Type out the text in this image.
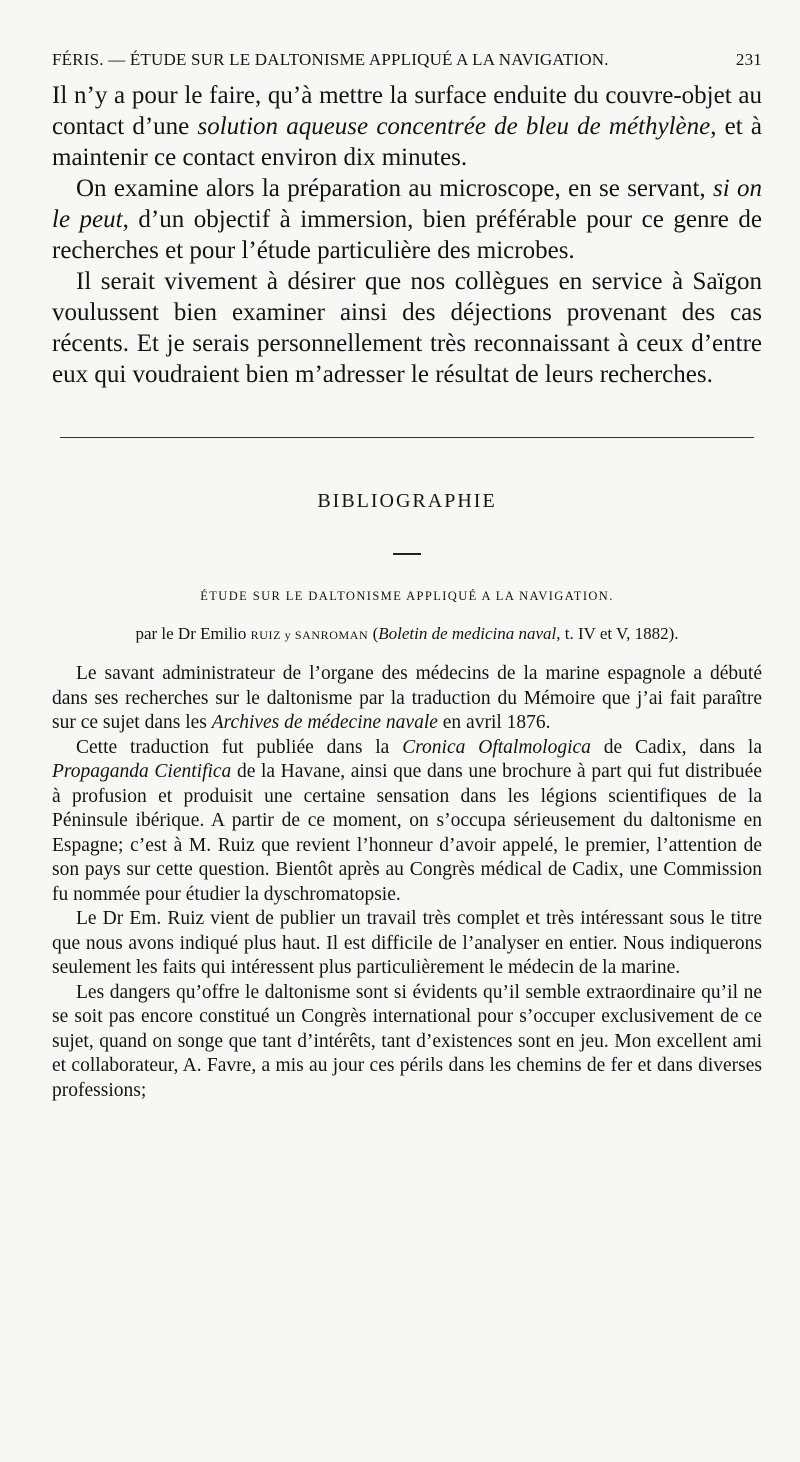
FÉRIS. — ÉTUDE SUR LE DALTONISME APPLIQUÉ A LA NAVIGATION.	231

Il n’y a pour le faire, qu’à mettre la surface enduite du couvre-objet au contact d’une solution aqueuse concentrée de bleu de méthylène, et à maintenir ce contact environ dix minutes.

On examine alors la préparation au microscope, en se servant, si on le peut, d’un objectif à immersion, bien préférable pour ce genre de recherches et pour l’étude particulière des microbes.

Il serait vivement à désirer que nos collègues en service à Saïgon voulussent bien examiner ainsi des déjections provenant des cas récents. Et je serais personnellement très reconnaissant à ceux d’entre eux qui voudraient bien m’adresser le résultat de leurs recherches.

BIBLIOGRAPHIE
ÉTUDE SUR LE DALTONISME APPLIQUÉ A LA NAVIGATION.
par le Dr Emilio RUIZ y SANROMAN (Boletin de medicina naval, t. IV et V, 1882).

Le savant administrateur de l’organe des médecins de la marine espagnole a débuté dans ses recherches sur le daltonisme par la traduction du Mémoire que j’ai fait paraître sur ce sujet dans les Archives de médecine navale en avril 1876.

Cette traduction fut publiée dans la Cronica Oftalmologica de Cadix, dans la Propaganda Cientifica de la Havane, ainsi que dans une brochure à part qui fut distribuée à profusion et produisit une certaine sensation dans les légions scientifiques de la Péninsule ibérique. A partir de ce moment, on s’occupa sérieusement du daltonisme en Espagne; c’est à M. Ruiz que revient l’honneur d’avoir appelé, le premier, l’attention de son pays sur cette question. Bientôt après au Congrès médical de Cadix, une Commission fu nommée pour étudier la dyschromatopsie.

Le Dr Em. Ruiz vient de publier un travail très complet et très intéressant sous le titre que nous avons indiqué plus haut. Il est difficile de l’analyser en entier. Nous indiquerons seulement les faits qui intéressent plus particulièrement le médecin de la marine.

Les dangers qu’offre le daltonisme sont si évidents qu’il semble extraordinaire qu’il ne se soit pas encore constitué un Congrès international pour s’occuper exclusivement de ce sujet, quand on songe que tant d’intérêts, tant d’existences sont en jeu. Mon excellent ami et collaborateur, A. Favre, a mis au jour ces périls dans les chemins de fer et dans diverses professions;
